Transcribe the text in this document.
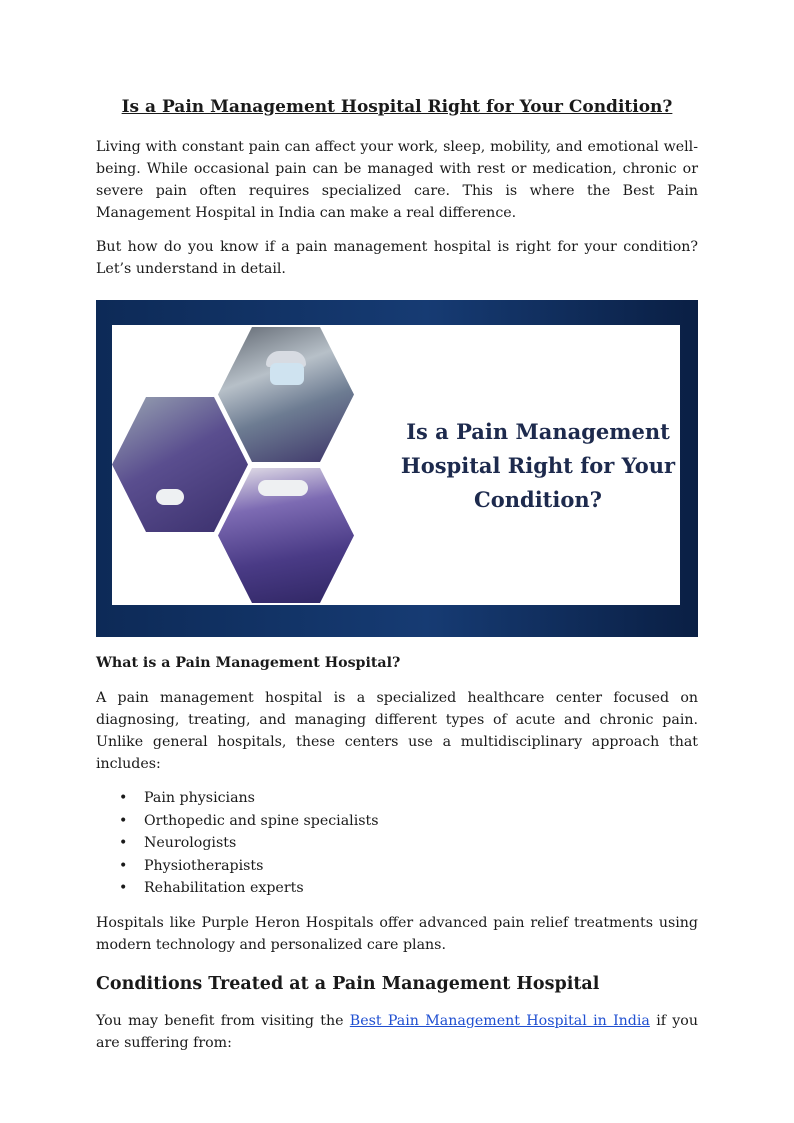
Is a Pain Management Hospital Right for Your Condition?

Living with constant pain can affect your work, sleep, mobility, and emotional well-being. While occasional pain can be managed with rest or medication, chronic or severe pain often requires specialized care. This is where the Best Pain Management Hospital in India can make a real difference.

But how do you know if a pain management hospital is right for your condition? Let’s understand in detail.

Is a Pain Management
Hospital Right for Your
Condition?
What is a Pain Management Hospital?

A pain management hospital is a specialized healthcare center focused on diagnosing, treating, and managing different types of acute and chronic pain. Unlike general hospitals, these centers use a multidisciplinary approach that includes:

• Pain physicians
• Orthopedic and spine specialists
• Neurologists
• Physiotherapists
• Rehabilitation experts

Hospitals like Purple Heron Hospitals offer advanced pain relief treatments using modern technology and personalized care plans.

Conditions Treated at a Pain Management Hospital

You may benefit from visiting the Best Pain Management Hospital in India if you are suffering from:
